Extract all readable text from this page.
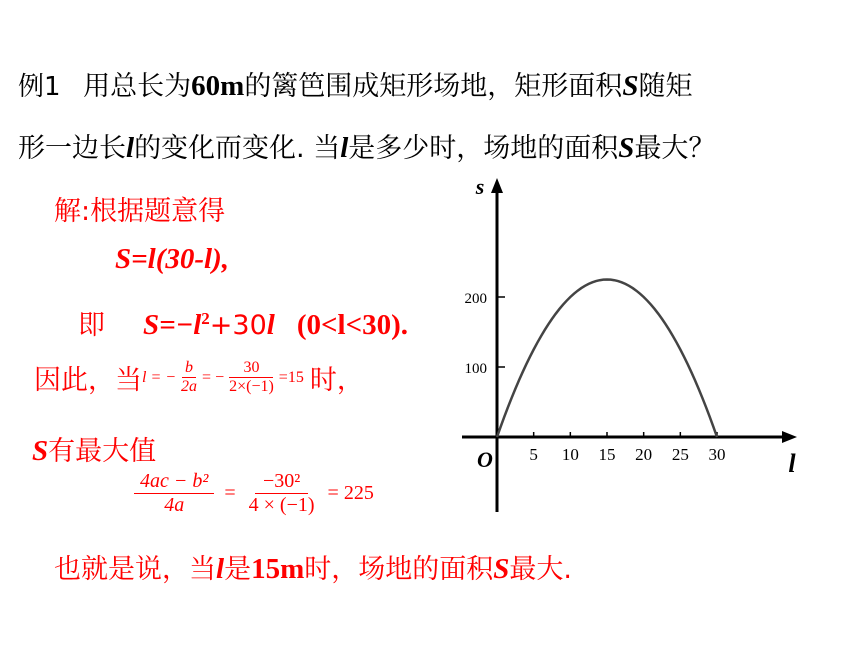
例1 用总长为60m的篱笆围成矩形场地，矩形面积S随矩
形一边长l的变化而变化. 当l是多少时，场地的面积S最大？
解:根据题意得
S=l(30-l),
即 $S=-l^2+30l$ (0<l<30).
因此，当 l = − $\frac{b}{2a}$ = − $\frac{30}{2\times(-1)} =15$ 时，
S有最大值
$\frac{\text{4ac − b²}}{4a} = \frac{\text{−30²}}{4 \times (-1)} = 225$
也就是说，当l是15m时，场地的面积S最大.
s
l
O 5 10 15 20 25 30
100
200
